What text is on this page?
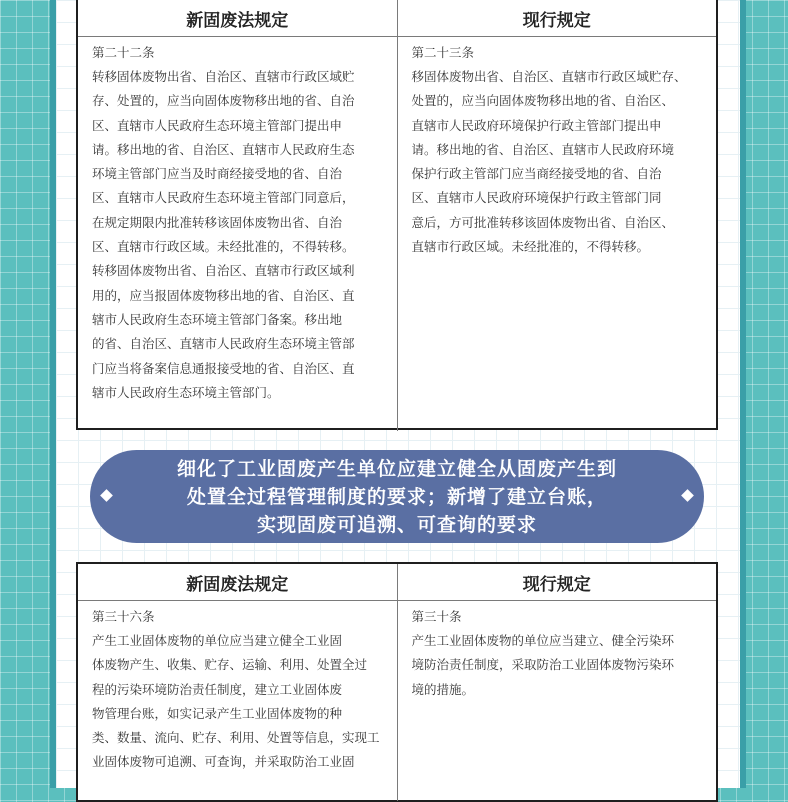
新固废法规定	现行规定
第二十二条
转移固体废物出省、自治区、直辖市行政区域贮
存、处置的，应当向固体废物移出地的省、自治
区、直辖市人民政府生态环境主管部门提出申
请。移出地的省、自治区、直辖市人民政府生态
环境主管部门应当及时商经接受地的省、自治
区、直辖市人民政府生态环境主管部门同意后，
在规定期限内批准转移该固体废物出省、自治
区、直辖市行政区域。未经批准的，不得转移。
转移固体废物出省、自治区、直辖市行政区域利
用的，应当报固体废物移出地的省、自治区、直
辖市人民政府生态环境主管部门备案。移出地
的省、自治区、直辖市人民政府生态环境主管部
门应当将备案信息通报接受地的省、自治区、直
辖市人民政府生态环境主管部门。
第二十三条
移固体废物出省、自治区、直辖市行政区域贮存、
处置的，应当向固体废物移出地的省、自治区、
直辖市人民政府环境保护行政主管部门提出申
请。移出地的省、自治区、直辖市人民政府环境
保护行政主管部门应当商经接受地的省、自治
区、直辖市人民政府环境保护行政主管部门同
意后，方可批准转移该固体废物出省、自治区、
直辖市行政区域。未经批准的，不得转移。
细化了工业固废产生单位应建立健全从固废产生到
处置全过程管理制度的要求；新增了建立台账，
实现固废可追溯、可查询的要求
新固废法规定	现行规定
第三十六条
产生工业固体废物的单位应当建立健全工业固
体废物产生、收集、贮存、运输、利用、处置全过
程的污染环境防治责任制度，建立工业固体废
物管理台账，如实记录产生工业固体废物的种
类、数量、流向、贮存、利用、处置等信息，实现工
业固体废物可追溯、可查询，并采取防治工业固
第三十条
产生工业固体废物的单位应当建立、健全污染环
境防治责任制度，采取防治工业固体废物污染环
境的措施。
